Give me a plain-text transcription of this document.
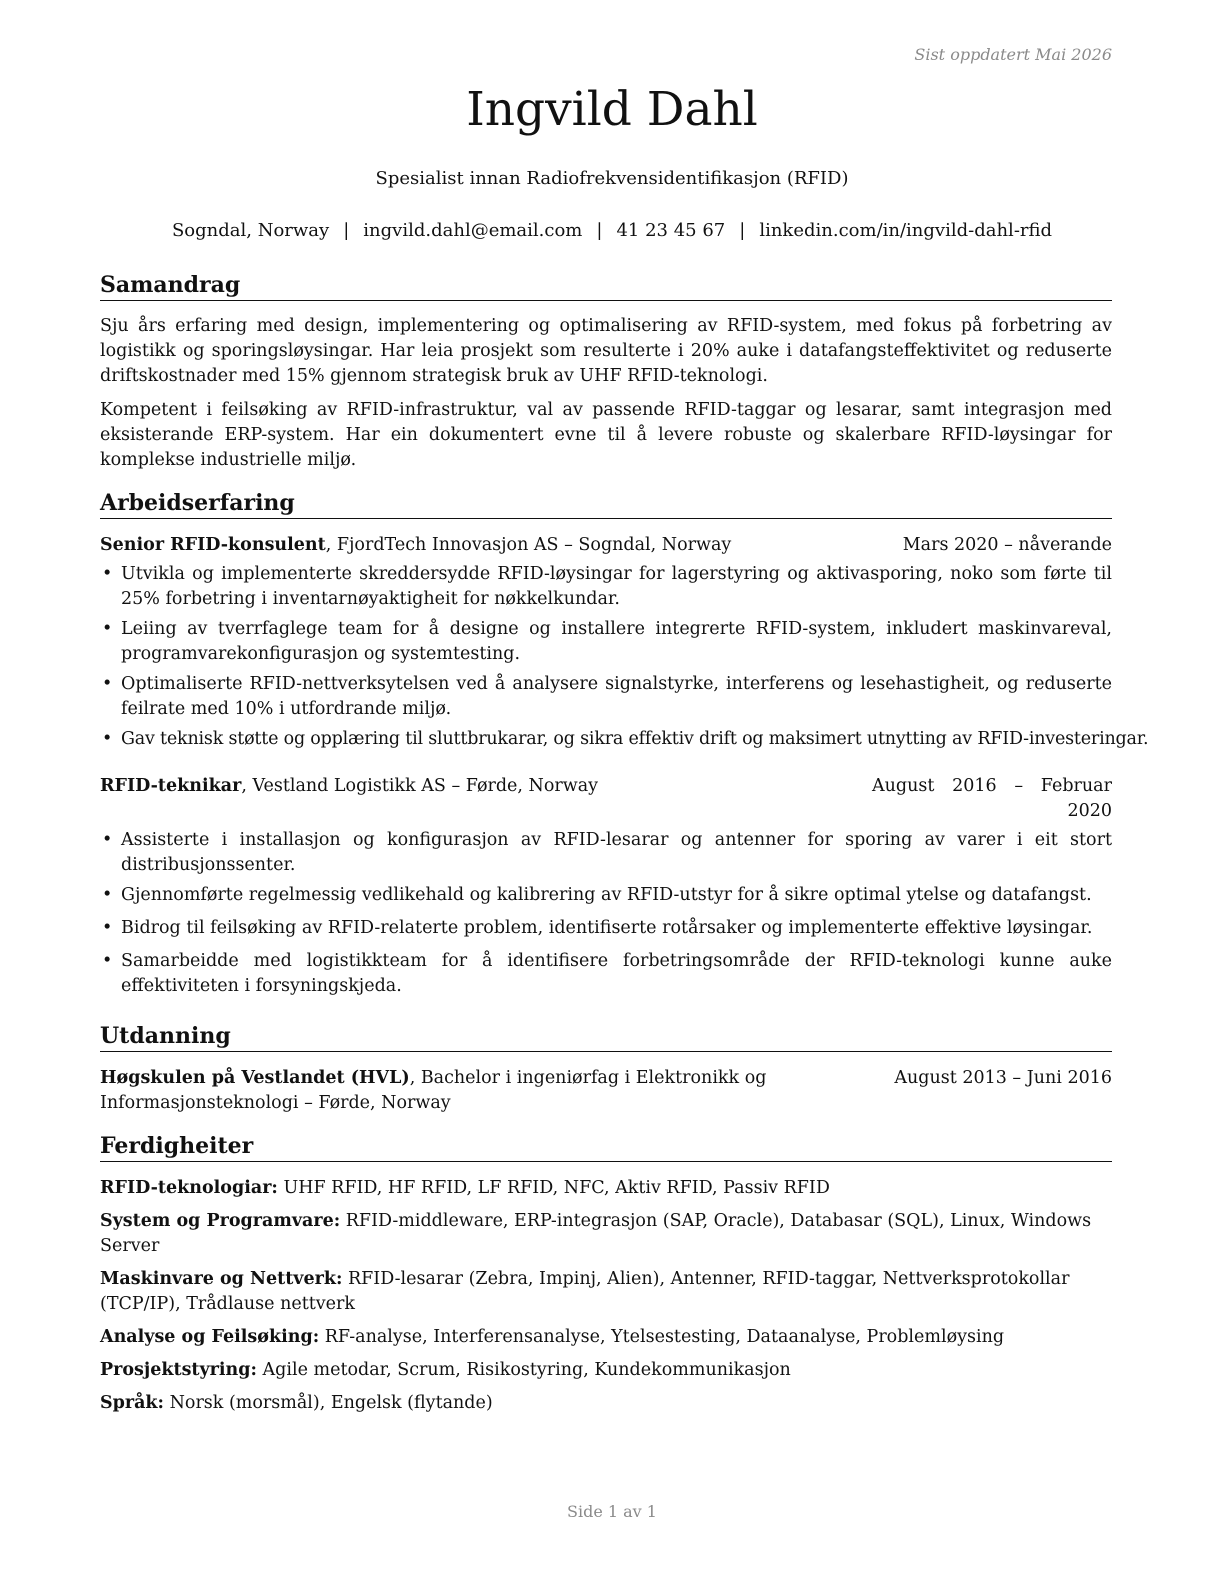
Sist oppdatert Mai 2026
Ingvild Dahl
Spesialist innan Radiofrekvensidentifikasjon (RFID)
Sogndal, Norway | ingvild.dahl@email.com | 41 23 45 67 | linkedin.com/in/ingvild-dahl-rfid
Samandrag

Sju års erfaring med design, implementering og optimalisering av RFID-system, med fokus på forbetring av logistikk og sporingsløysingar. Har leia prosjekt som resulterte i 20% auke i datafangsteffektivitet og reduserte driftskostnader med 15% gjennom strategisk bruk av UHF RFID-teknologi.

Kompetent i feilsøking av RFID-infrastruktur, val av passende RFID-taggar og lesarar, samt integrasjon med eksisterande ERP-system. Har ein dokumentert evne til å levere robuste og skalerbare RFID-løysingar for komplekse industrielle miljø.

Arbeidserfaring
Senior RFID-konsulent, FjordTech Innovasjon AS – Sogndal, Norway	Mars 2020 – nåverande
• Utvikla og implementerte skreddersydde RFID-løysingar for lagerstyring og aktivasporing, noko som førte til 25% forbetring i inventarnøyaktigheit for nøkkelkundar.
• Leiing av tverrfaglege team for å designe og installere integrerte RFID-system, inkludert maskinvareval, programvarekonfigurasjon og systemtesting.
• Optimaliserte RFID-nettverksytelsen ved å analysere signalstyrke, interferens og lesehastigheit, og reduserte feilrate med 10% i utfordrande miljø.
• Gav teknisk støtte og opplæring til sluttbrukarar, og sikra effektiv drift og maksimert utnytting av RFID-investeringar.
RFID-teknikar, Vestland Logistikk AS – Førde, Norway	August 2016 – Februar 2020
• Assisterte i installasjon og konfigurasjon av RFID-lesarar og antenner for sporing av varer i eit stort distribusjonssenter.
• Gjennomførte regelmessig vedlikehald og kalibrering av RFID-utstyr for å sikre optimal ytelse og datafangst.
• Bidrog til feilsøking av RFID-relaterte problem, identifiserte rotårsaker og implementerte effektive løysingar.
• Samarbeidde med logistikkteam for å identifisere forbetringsområde der RFID-teknologi kunne auke effektiviteten i forsyningskjeda.
Utdanning
Høgskulen på Vestlandet (HVL), Bachelor i ingeniørfag i Elektronikk og Informasjonsteknologi – Førde, Norway
August 2013 – Juni 2016
Ferdigheiter
RFID-teknologiar: UHF RFID, HF RFID, LF RFID, NFC, Aktiv RFID, Passiv RFID
System og Programvare: RFID-middleware, ERP-integrasjon (SAP, Oracle), Databasar (SQL), Linux, Windows Server
Maskinvare og Nettverk: RFID-lesarar (Zebra, Impinj, Alien), Antenner, RFID-taggar, Nettverksprotokollar (TCP/IP), Trådlause nettverk
Analyse og Feilsøking: RF-analyse, Interferensanalyse, Ytelsestesting, Dataanalyse, Problemløysing
Prosjektstyring: Agile metodar, Scrum, Risikostyring, Kundekommunikasjon
Språk: Norsk (morsmål), Engelsk (flytande)
Side 1 av 1
